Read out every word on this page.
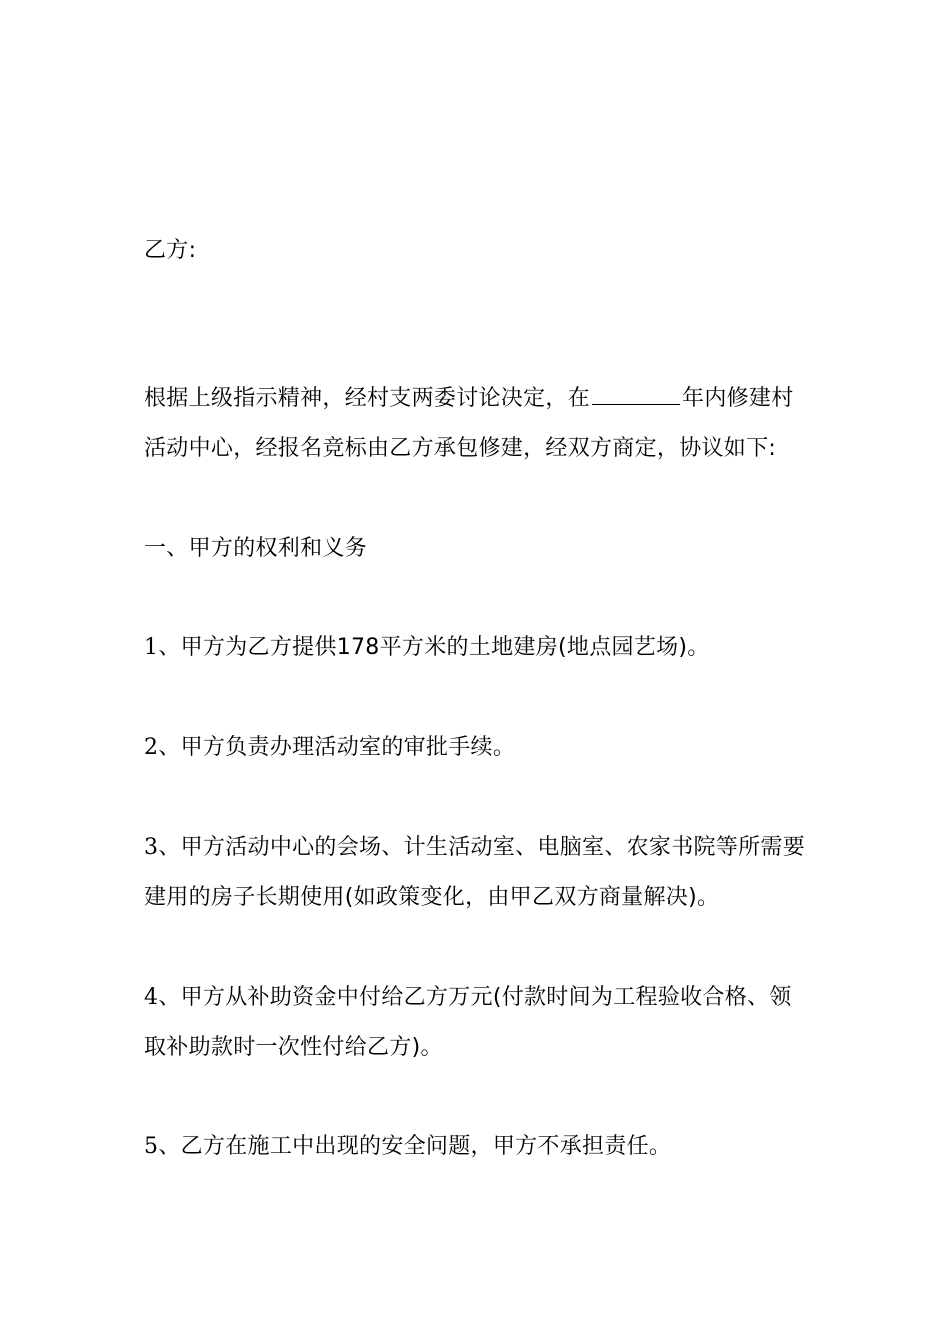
乙方:
根据上级指示精神，经村支两委讨论决定，在	年内修建村
活动中心，经报名竞标由乙方承包修建，经双方商定，协议如下:
一、甲方的权利和义务
1、甲方为乙方提供178平方米的土地建房(地点园艺场)。
2、甲方负责办理活动室的审批手续。
3、甲方活动中心的会场、计生活动室、电脑室、农家书院等所需要
建用的房子长期使用(如政策变化，由甲乙双方商量解决)。
4、甲方从补助资金中付给乙方万元(付款时间为工程验收合格、领
取补助款时一次性付给乙方)。
5、乙方在施工中出现的安全问题，甲方不承担责任。
